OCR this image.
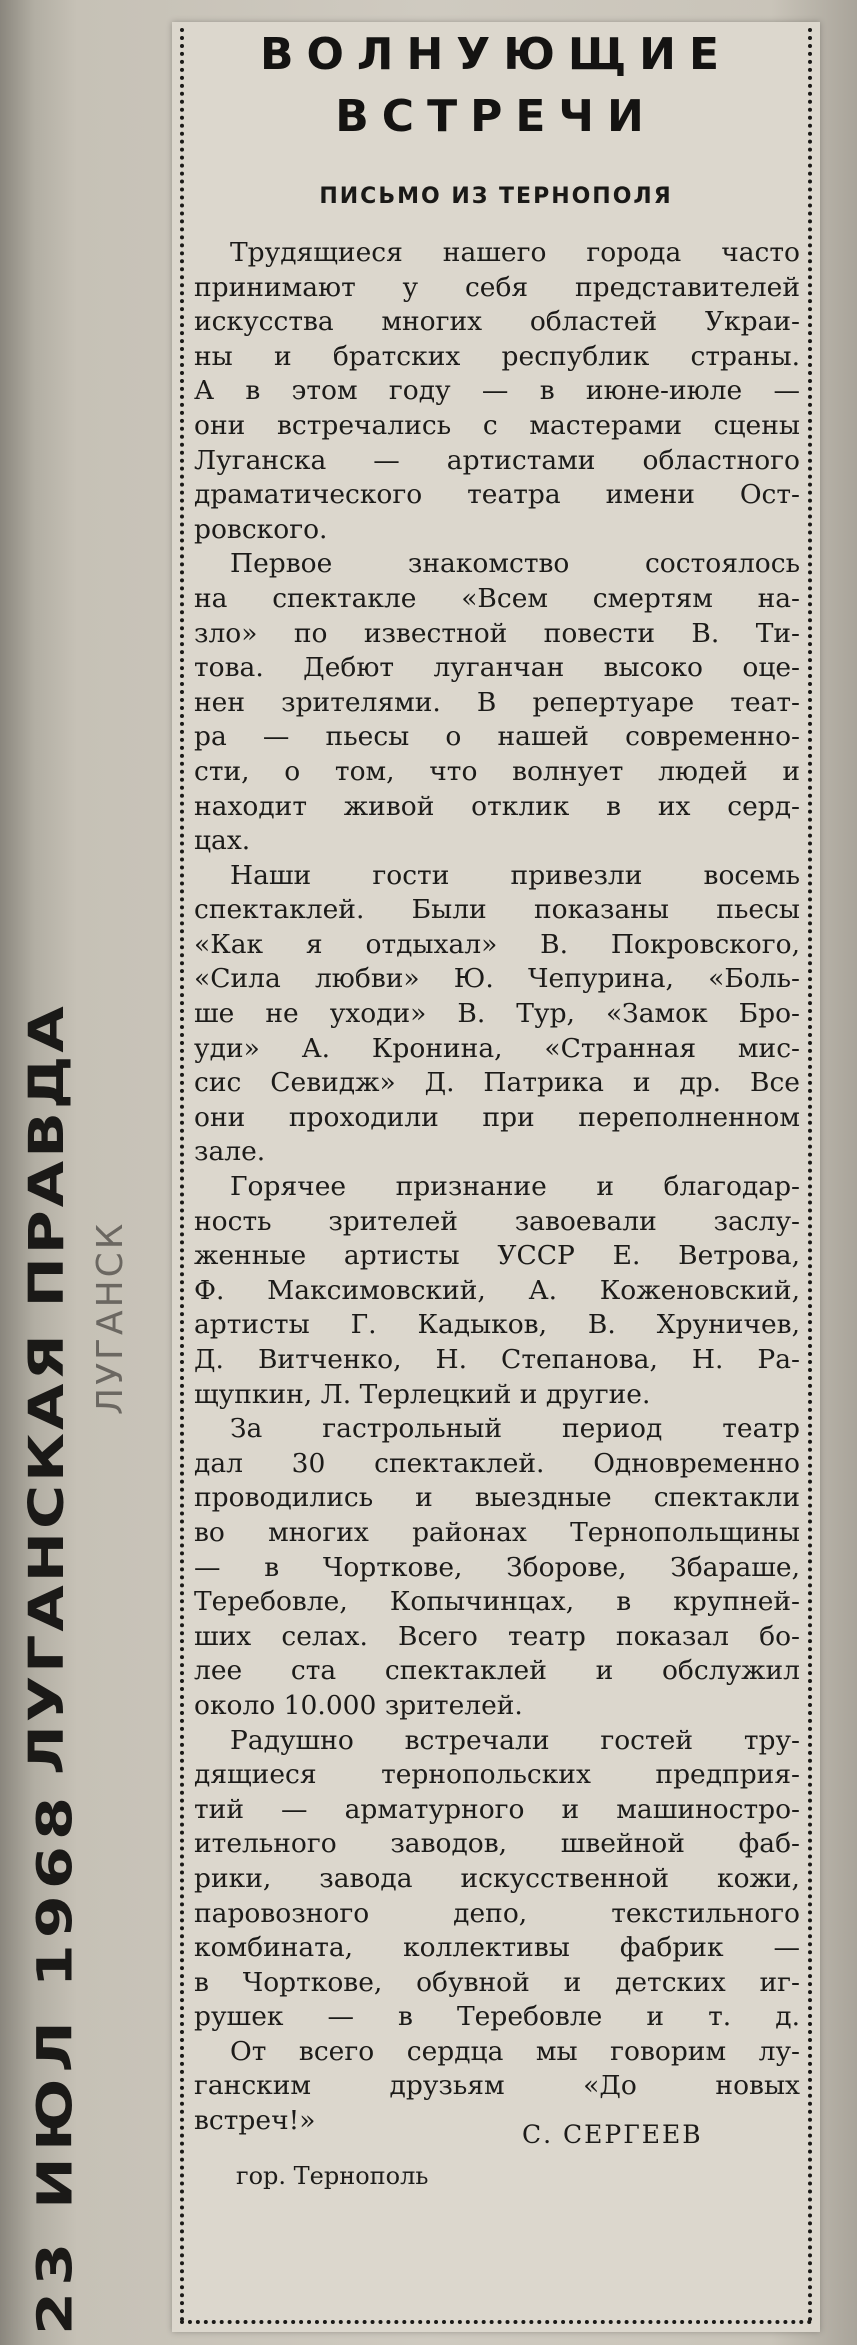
23 ИЮЛ 1968
ЛУГАНСКАЯ ПРАВДА ЛУГАНСК
ВОЛНУЮЩИЕ
ВСТРЕЧИ
ПИСЬМО ИЗ ТЕРНОПОЛЯ
Трудящиеся нашего города часто
принимают у себя представителей
искусства многих областей Украи-
ны и братских республик страны.
А в этом году — в июне-июле —
они встречались с мастерами сцены
Луганска — артистами областного
драматического театра имени Ост-
ровского.
Первое знакомство состоялось
на спектакле «Всем смертям на-
зло» по известной повести В. Ти-
това. Дебют луганчан высоко оце-
нен зрителями. В репертуаре теат-
ра — пьесы о нашей современно-
сти, о том, что волнует людей и
находит живой отклик в их серд-
цах.
Наши гости привезли восемь
спектаклей. Были показаны пьесы
«Как я отдыхал» В. Покровского,
«Сила любви» Ю. Чепурина, «Боль-
ше не уходи» В. Тур, «Замок Бро-
уди» А. Кронина, «Странная мис-
сис Севидж» Д. Патрика и др. Все
они проходили при переполненном
зале.
Горячее признание и благодар-
ность зрителей завоевали заслу-
женные артисты УССР Е. Ветрова,
Ф. Максимовский, А. Коженовский,
артисты Г. Кадыков, В. Хруничев,
Д. Витченко, Н. Степанова, Н. Ра-
щупкин, Л. Терлецкий и другие.
За гастрольный период театр
дал 30 спектаклей. Одновременно
проводились и выездные спектакли
во многих районах Тернопольщины
— в Чорткове, Зборове, Збараше,
Теребовле, Копычинцах, в крупней-
ших селах. Всего театр показал бо-
лее ста спектаклей и обслужил
около 10.000 зрителей.
Радушно встречали гостей тру-
дящиеся тернопольских предприя-
тий — арматурного и машиностро-
ительного заводов, швейной фаб-
рики, завода искусственной кожи,
паровозного депо, текстильного
комбината, коллективы фабрик —
в Чорткове, обувной и детских иг-
рушек — в Теребовле и т. д.
От всего сердца мы говорим лу-
ганским друзьям «До новых
встреч!»	С. СЕРГЕЕВ
гор. Тернополь
